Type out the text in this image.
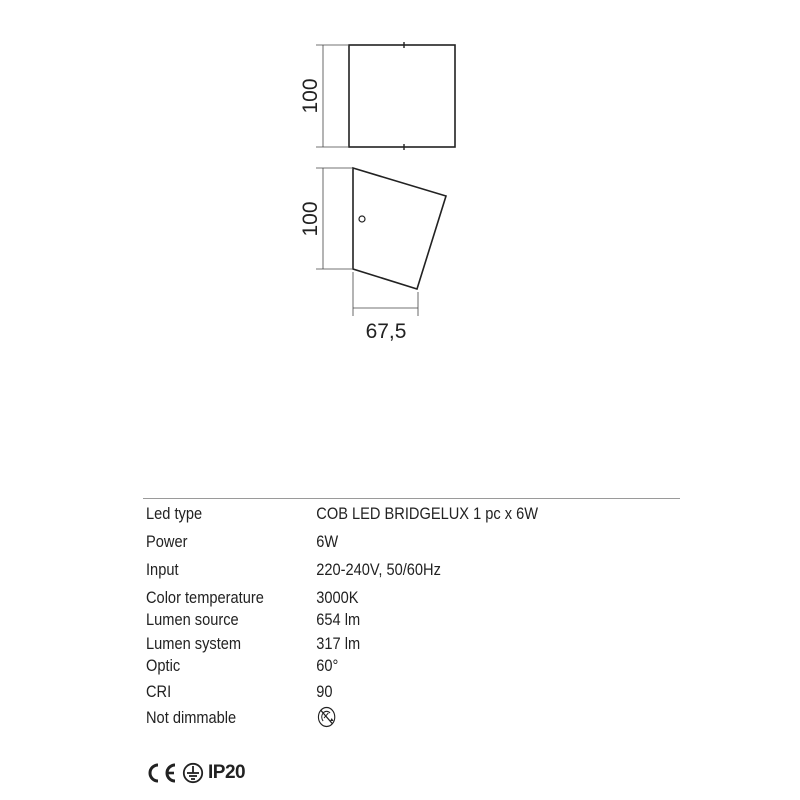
100
100
67,5
Led type	COB LED BRIDGELUX 1 pc x 6W
Power	6W
Input	220-240V, 50/60Hz
Color temperature	3000K
Lumen source	654 lm
Lumen system	317 lm
Optic	60°
CRI	90
Not dimmable
IP20
